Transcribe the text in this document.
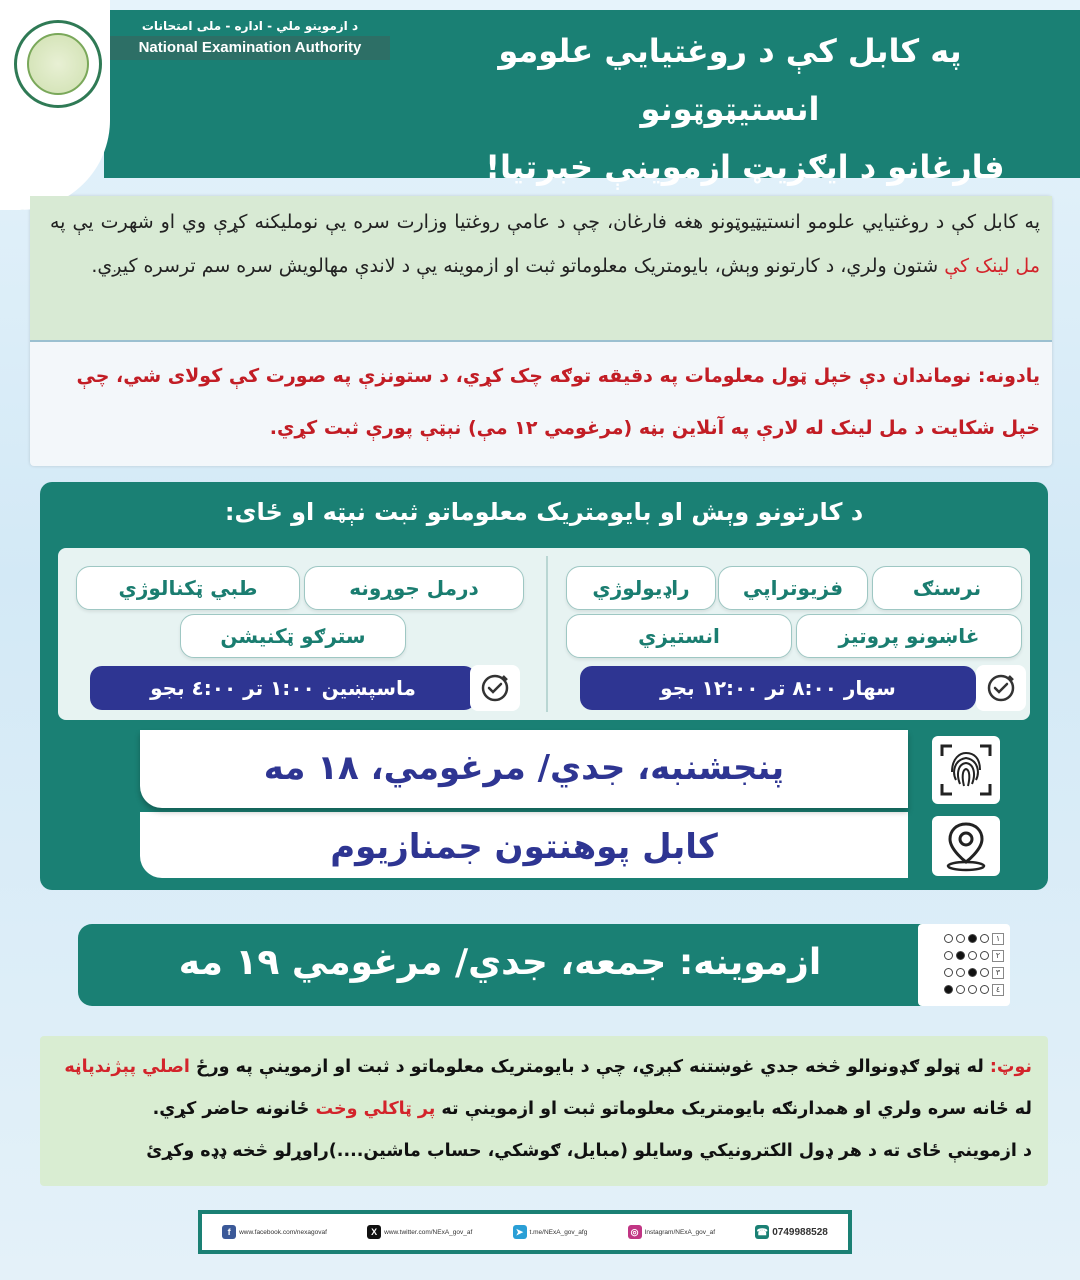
د ازموينو ملي - اداره - ملی امتحانات
National Examination Authority	په کابل کې د روغتيايي علومو انستيټوټونو
فارغانو د ايګزيټ ازموينې خبرتيا!
په کابل کې د روغتيايي علومو انستيټيوټونو هغه فارغان، چې د عامې روغتيا وزارت سره يې نومليکنه کړې وي او شهرت يې په مل لينک کې شتون ولري، د کارتونو وېش، بايومتريک معلوماتو ثبت او ازموينه يې د لاندې مهالويش سره سم ترسره کيږي.
يادونه: نوماندان دې خپل ټول معلومات په دقيقه توګه چک کړي، د ستونزې په صورت کې کولای شي، چې خپل شکايت د مل لينک له لارې په آنلاين بڼه (مرغومي ١٢ مې) نېټې پورې ثبت کړي.
د کارتونو وېش او بايومتريک معلوماتو ثبت نېټه او ځای:
نرسنګ
فزيوتراپي
راډيولوژي
غاښونو پروتيز
انستيزي
سهار ۸:۰۰ تر ۱۲:۰۰ بجو
درمل جوړونه
طبي ټکنالوژي
سترګو ټکنيشن
ماسپښين ۱:۰۰ تر ٤:۰۰ بجو
پنجشنبه، جدي/ مرغومي، ۱۸ مه
کابل پوهنتون جمنازيوم
ازموينه: جمعه، جدي/ مرغومي ۱۹ مه
١
٢
٣
٤
نوټ: له ټولو ګډونوالو څخه جدي غوښتنه کېږي، چې د بايومتريک معلوماتو د ثبت او ازموينې په ورځ اصلي پېژندپاڼه
له ځانه سره ولري او همدارنګه بايومتريک معلوماتو ثبت او ازموينې ته پر ټاکلي وخت ځانونه حاضر کړي.
د ازموينې ځای ته د هر ډول الکترونيکي وسايلو (مبايل، ګوشکي، حساب ماشين....)راوړلو څخه ډډه وکړئ
f	www.facebook.com/nexagovaf	X	www.twitter.com/NExA_gov_af	➤ t.me/NExA_gov_afg	◎ Instagram/NExA_gov_af	☎ 0749988528
